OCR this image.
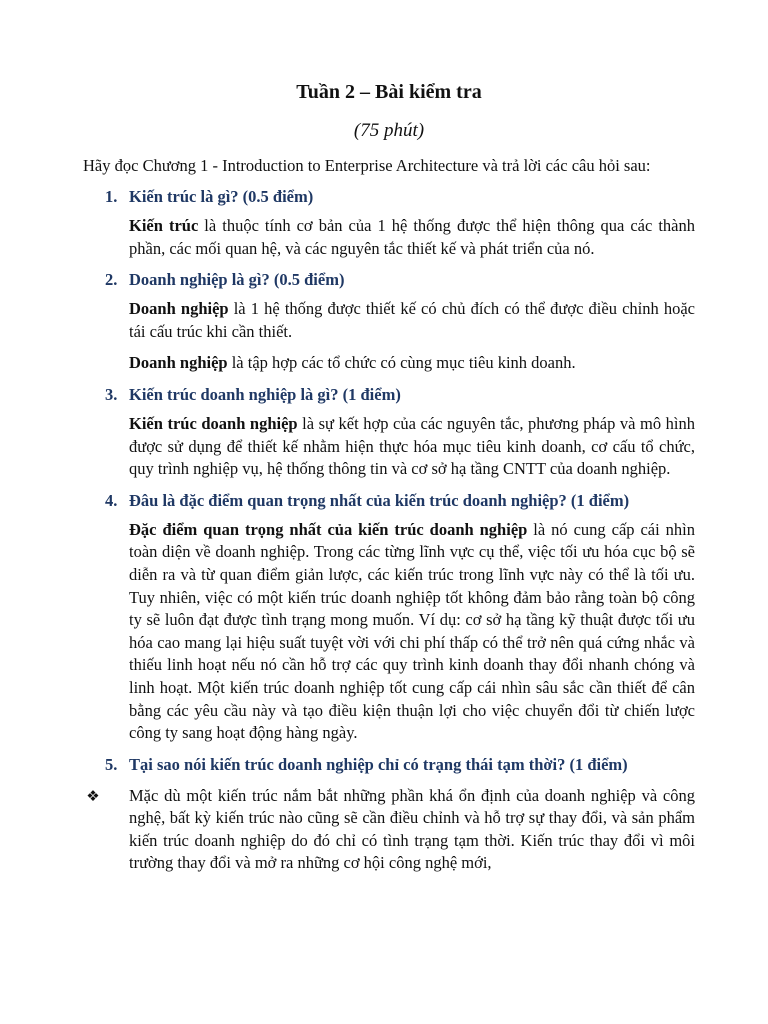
Tuần 2 – Bài kiểm tra

(75 phút)

Hãy đọc Chương 1 - Introduction to Enterprise Architecture và trả lời các câu hỏi sau:

1. Kiến trúc là gì? (0.5 điểm)

Kiến trúc là thuộc tính cơ bản của 1 hệ thống được thể hiện thông qua các thành phần, các mối quan hệ, và các nguyên tắc thiết kế và phát triển của nó.

2. Doanh nghiệp là gì? (0.5 điểm)

Doanh nghiệp là 1 hệ thống được thiết kế có chủ đích có thể được điều chỉnh hoặc tái cấu trúc khi cần thiết.

Doanh nghiệp là tập hợp các tổ chức có cùng mục tiêu kinh doanh.

3. Kiến trúc doanh nghiệp là gì? (1 điểm)

Kiến trúc doanh nghiệp là sự kết hợp của các nguyên tắc, phương pháp và mô hình được sử dụng để thiết kế nhằm hiện thực hóa mục tiêu kinh doanh, cơ cấu tổ chức, quy trình nghiệp vụ, hệ thống thông tin và cơ sở hạ tầng CNTT của doanh nghiệp.

4. Đâu là đặc điểm quan trọng nhất của kiến trúc doanh nghiệp? (1 điểm)

Đặc điểm quan trọng nhất của kiến trúc doanh nghiệp là nó cung cấp cái nhìn toàn diện về doanh nghiệp. Trong các từng lĩnh vực cụ thể, việc tối ưu hóa cục bộ sẽ diễn ra và từ quan điểm giản lược, các kiến trúc trong lĩnh vực này có thể là tối ưu. Tuy nhiên, việc có một kiến trúc doanh nghiệp tốt không đảm bảo rằng toàn bộ công ty sẽ luôn đạt được tình trạng mong muốn. Ví dụ: cơ sở hạ tầng kỹ thuật được tối ưu hóa cao mang lại hiệu suất tuyệt vời với chi phí thấp có thể trở nên quá cứng nhắc và thiếu linh hoạt nếu nó cần hỗ trợ các quy trình kinh doanh thay đổi nhanh chóng và linh hoạt. Một kiến trúc doanh nghiệp tốt cung cấp cái nhìn sâu sắc cần thiết để cân bằng các yêu cầu này và tạo điều kiện thuận lợi cho việc chuyển đổi từ chiến lược công ty sang hoạt động hàng ngày.

5. Tại sao nói kiến trúc doanh nghiệp chỉ có trạng thái tạm thời? (1 điểm)

❖ Mặc dù một kiến trúc nắm bắt những phần khá ổn định của doanh nghiệp và công nghệ, bất kỳ kiến trúc nào cũng sẽ cần điều chỉnh và hỗ trợ sự thay đổi, và sản phẩm kiến trúc doanh nghiệp do đó chỉ có tình trạng tạm thời. Kiến trúc thay đổi vì môi trường thay đổi và mở ra những cơ hội công nghệ mới,
